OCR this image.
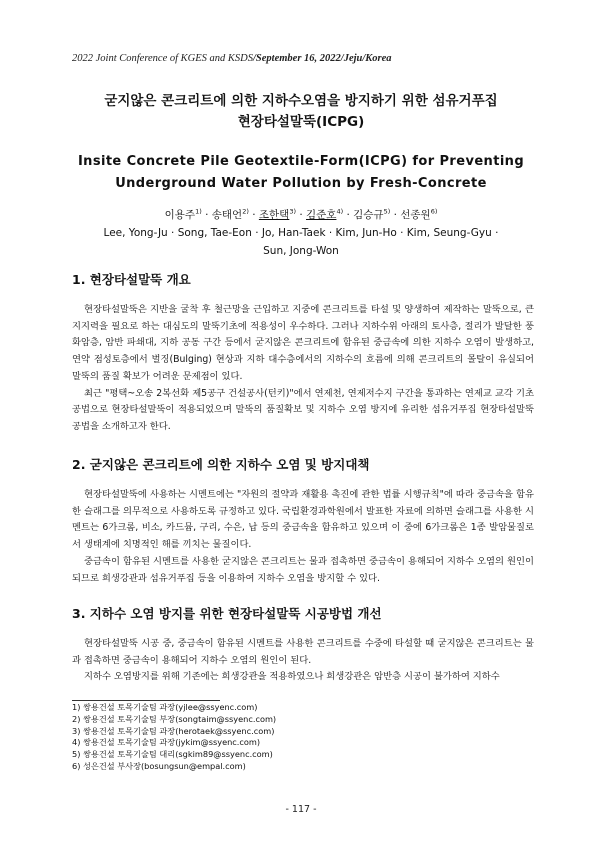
2022 Joint Conference of KGES and KSDS/September 16, 2022/Jeju/Korea
굳지않은 콘크리트에 의한 지하수오염을 방지하기 위한 섬유거푸집
현장타설말뚝(ICPG)
Insite Concrete Pile Geotextile-Form(ICPG) for Preventing
Underground Water Pollution by Fresh-Concrete
이용주$^{1)}$ · 송태언$^{2)}$ · 조한택$^{3)}$ · 김준호$^{4)}$ · 김승규$^{5)}$ · 선종원$^{6)}$
Lee, Yong-Ju · Song, Tae-Eon · Jo, Han-Taek · Kim, Jun-Ho · Kim, Seung-Gyu ·
Sun, Jong-Won
1. 현장타설말뚝 개요

현장타설말뚝은 지반을 굴착 후 철근망을 근입하고 지중에 콘크리트를 타설 및 양생하여 제작하는 말뚝으로, 큰 지지력을 필요로 하는 대심도의 말뚝기초에 적용성이 우수하다. 그러나 지하수위 아래의 토사층, 절리가 발달한 풍화암층, 암반 파쇄대, 지하 공동 구간 등에서 굳지않은 콘크리트에 함유된 중금속에 의한 지하수 오염이 발생하고, 연약 점성토층에서 벌징(Bulging) 현상과 지하 대수층에서의 지하수의 흐름에 의해 콘크리트의 몰탈이 유실되어 말뚝의 품질 확보가 어려운 문제점이 있다.

최근 "평택~오송 2복선화 제5공구 건설공사(턴키)"에서 연제천, 연제저수지 구간을 통과하는 연제교 교각 기초공법으로 현장타설말뚝이 적용되었으며 말뚝의 품질확보 및 지하수 오염 방지에 유리한 섬유거푸집 현장타설말뚝 공법을 소개하고자 한다.

2. 굳지않은 콘크리트에 의한 지하수 오염 및 방지대책

현장타설말뚝에 사용하는 시멘트에는 "자원의 절약과 재활용 촉진에 관한 법률 시행규칙"에 따라 중금속을 함유한 슬래그를 의무적으로 사용하도록 규정하고 있다. 국립환경과학원에서 발표한 자료에 의하면 슬래그를 사용한 시멘트는 6가크롬, 비소, 카드뮴, 구리, 수은, 납 등의 중금속을 함유하고 있으며 이 중에 6가크롬은 1종 발암물질로서 생태계에 치명적인 해를 끼치는 물질이다.

중금속이 함유된 시멘트를 사용한 굳지않은 콘크리트는 물과 접촉하면 중금속이 용해되어 지하수 오염의 원인이 되므로 희생강관과 섬유거푸집 등을 이용하여 지하수 오염을 방지할 수 있다.

3. 지하수 오염 방지를 위한 현장타설말뚝 시공방법 개선

현장타설말뚝 시공 중, 중금속이 함유된 시멘트를 사용한 콘크리트를 수중에 타설할 때 굳지않은 콘크리트는 물과 접촉하면 중금속이 용해되어 지하수 오염의 원인이 된다.

지하수 오염방지를 위해 기존에는 희생강관을 적용하였으나 희생강관은 암반층 시공이 불가하여 지하수

1) 쌍용건설 토목기술팀 과장(yjlee@ssyenc.com)
2) 쌍용건설 토목기술팀 부장(songtaim@ssyenc.com)
3) 쌍용건설 토목기술팀 과장(herotaek@ssyenc.com)
4) 쌍용건설 토목기술팀 과장(jykim@ssyenc.com)
5) 쌍용건설 토목기술팀 대리(sgkim89@ssyenc.com)
6) 성은건설 부사장(bosungsun@empal.com)
- 117 -
